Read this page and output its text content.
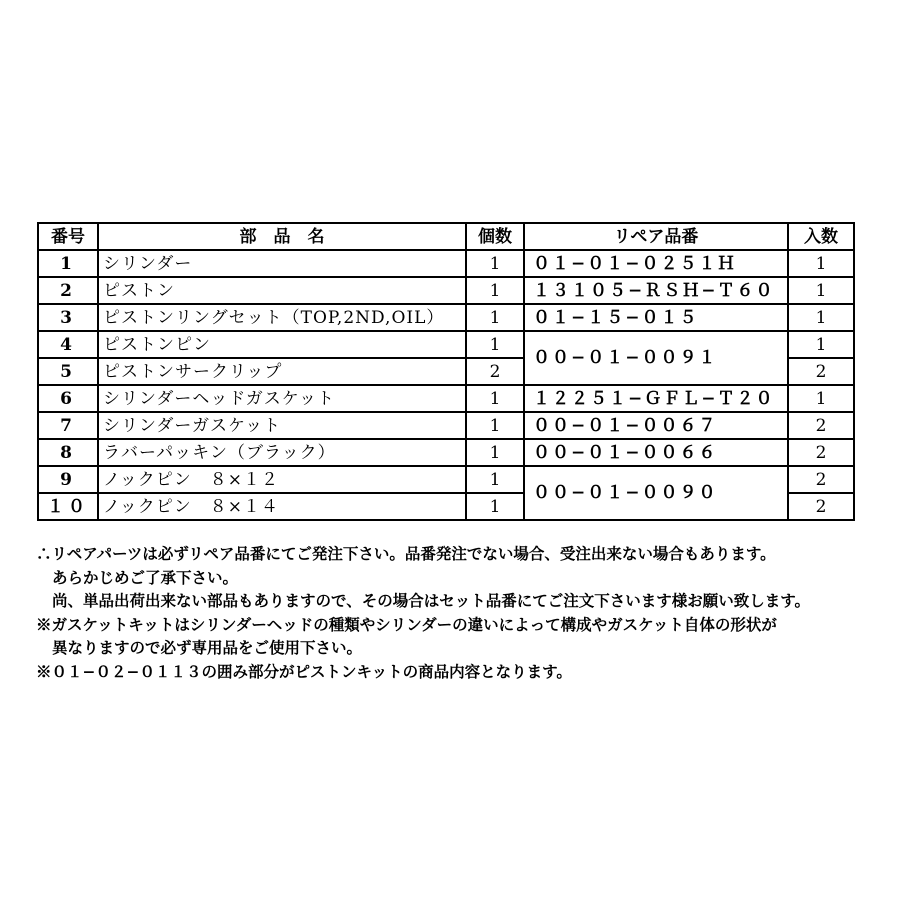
番号	部　品　名	個数	リペア品番	入数
1	シリンダー	1	０１−０１−０２５１Ｈ	1
2	ピストン	1	１３１０５−ＲＳＨ−Ｔ６０	1
3	ピストンリングセット（TOP,2ND,OIL）	1	０１−１５−０１５	1
4	ピストンピン	1	００−０１−００９１	1
5	ピストンサークリップ	2		2
6	シリンダーヘッドガスケット	1	１２２５１−ＧＦＬ−Ｔ２０	1
7	シリンダーガスケット	1	００−０１−００６７	2
8	ラバーパッキン（ブラック）	1	００−０１−００６６	2
9	ノックピン　８×１２	1	００−０１−００９０	2
１０	ノックピン　８×１４	1		2

∴リペアパーツは必ずリペア品番にてご発注下さい。品番発注でない場合、受注出来ない場合もあります。

あらかじめご了承下さい。

尚、単品出荷出来ない部品もありますので、その場合はセット品番にてご注文下さいます様お願い致します。

※ガスケットキットはシリンダーヘッドの種類やシリンダーの違いによって構成やガスケット自体の形状が

異なりますので必ず専用品をご使用下さい。

※０１−０２−０１１３の囲み部分がピストンキットの商品内容となります。
